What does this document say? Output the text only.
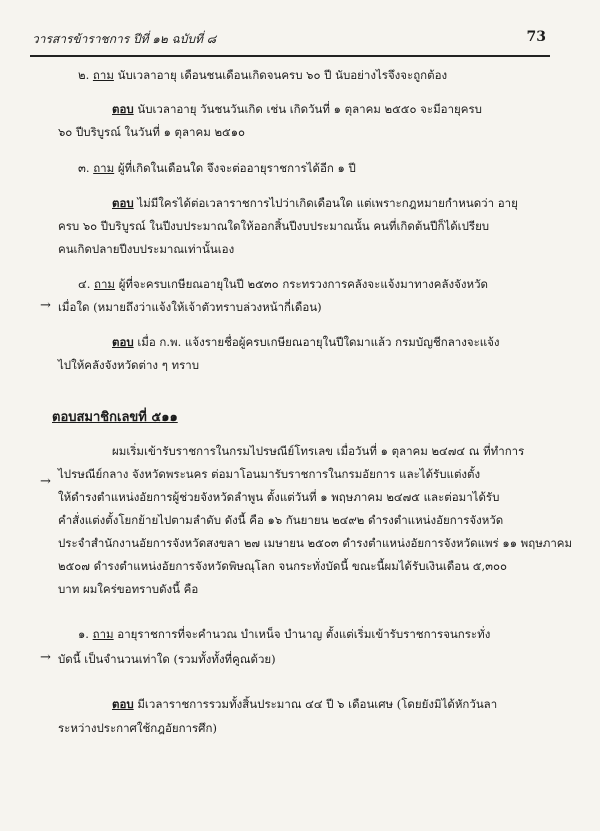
วารสารข้าราชการ ปีที่ ๑๒ ฉบับที่ ๘	73
๒. ถาม นับเวลาอายุ เดือนชนเดือนเกิดจนครบ ๖๐ ปี นับอย่างไรจึงจะถูกต้อง
ตอบ นับเวลาอายุ วันชนวันเกิด เช่น เกิดวันที่ ๑ ตุลาคม ๒๕๕๐ จะมีอายุครบ
๖๐ ปีบริบูรณ์ ในวันที่ ๑ ตุลาคม ๒๕๑๐
๓. ถาม ผู้ที่เกิดในเดือนใด จึงจะต่ออายุราชการได้อีก ๑ ปี
ตอบ ไม่มีใครได้ต่อเวลาราชการไปว่าเกิดเดือนใด แต่เพราะกฎหมายกำหนดว่า อายุ
ครบ ๖๐ ปีบริบูรณ์ ในปีงบประมาณใดให้ออกสิ้นปีงบประมาณนั้น คนที่เกิดต้นปีก็ได้เปรียบ
คนเกิดปลายปีงบประมาณเท่านั้นเอง
๔. ถาม ผู้ที่จะครบเกษียณอายุในปี ๒๕๓๐ กระทรวงการคลังจะแจ้งมาทางคลังจังหวัด
→ เมื่อใด (หมายถึงว่าแจ้งให้เจ้าตัวทราบล่วงหน้ากี่เดือน)
ตอบ เมื่อ ก.พ. แจ้งรายชื่อผู้ครบเกษียณอายุในปีใดมาแล้ว กรมบัญชีกลางจะแจ้ง
ไปให้คลังจังหวัดต่าง ๆ ทราบ
ตอบสมาชิกเลขที่ ๕๑๑
ผมเริ่มเข้ารับราชการในกรมไปรษณีย์โทรเลข เมื่อวันที่ ๑ ตุลาคม ๒๔๗๔ ณ ที่ทำการ
→ ไปรษณีย์กลาง จังหวัดพระนคร ต่อมาโอนมารับราชการในกรมอัยการ และได้รับแต่งตั้ง
ให้ดำรงตำแหน่งอัยการผู้ช่วยจังหวัดลำพูน ตั้งแต่วันที่ ๑ พฤษภาคม ๒๔๗๕ และต่อมาได้รับ
คำสั่งแต่งตั้งโยกย้ายไปตามลำดับ ดังนี้ คือ ๑๖ กันยายน ๒๔๙๒ ดำรงตำแหน่งอัยการจังหวัด
ประจำสำนักงานอัยการจังหวัดสงขลา ๒๗ เมษายน ๒๕๐๓ ดำรงตำแหน่งอัยการจังหวัดแพร่ ๑๑ พฤษภาคม
๒๕๐๗ ดำรงตำแหน่งอัยการจังหวัดพิษณุโลก จนกระทั่งบัดนี้ ขณะนี้ผมได้รับเงินเดือน ๕,๓๐๐
บาท ผมใคร่ขอทราบดังนี้ คือ
๑. ถาม อายุราชการที่จะคำนวณ บำเหน็จ บำนาญ ตั้งแต่เริ่มเข้ารับราชการจนกระทั่ง
→ บัดนี้ เป็นจำนวนเท่าใด (รวมทั้งทั้งที่คูณด้วย)
ตอบ มีเวลาราชการรวมทั้งสิ้นประมาณ ๔๔ ปี ๖ เดือนเศษ (โดยยังมิได้หักวันลา
ระหว่างประกาศใช้กฎอัยการศึก)
